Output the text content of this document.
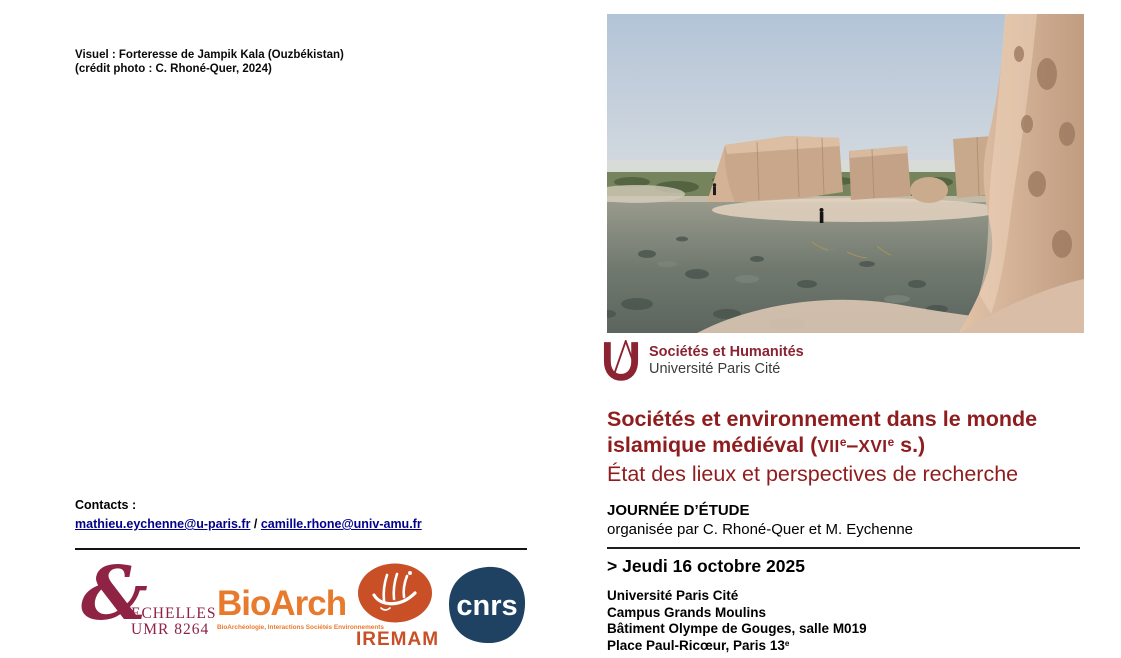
Visuel : Forteresse de Jampik Kala (Ouzbékistan)
(crédit photo : C. Rhoné-Quer, 2024)
Contacts :
mathieu.eychenne@u-paris.fr / camille.rhone@univ-amu.fr
&
ECHELLES
UMR 8264
BioArch
BioArchéologie, Interactions Sociétés Environnements
IREMAM
cnrs
Sociétés et Humanités
Université Paris Cité
Sociétés et environnement dans le monde
islamique médiéval (VIIe–XVIe s.)
État des lieux et perspectives de recherche
JOURNÉE D’ÉTUDE
organisée par C. Rhoné-Quer et M. Eychenne
> Jeudi 16 octobre 2025
Université Paris Cité
Campus Grands Moulins
Bâtiment Olympe de Gouges, salle M019
Place Paul-Ricœur, Paris 13e
